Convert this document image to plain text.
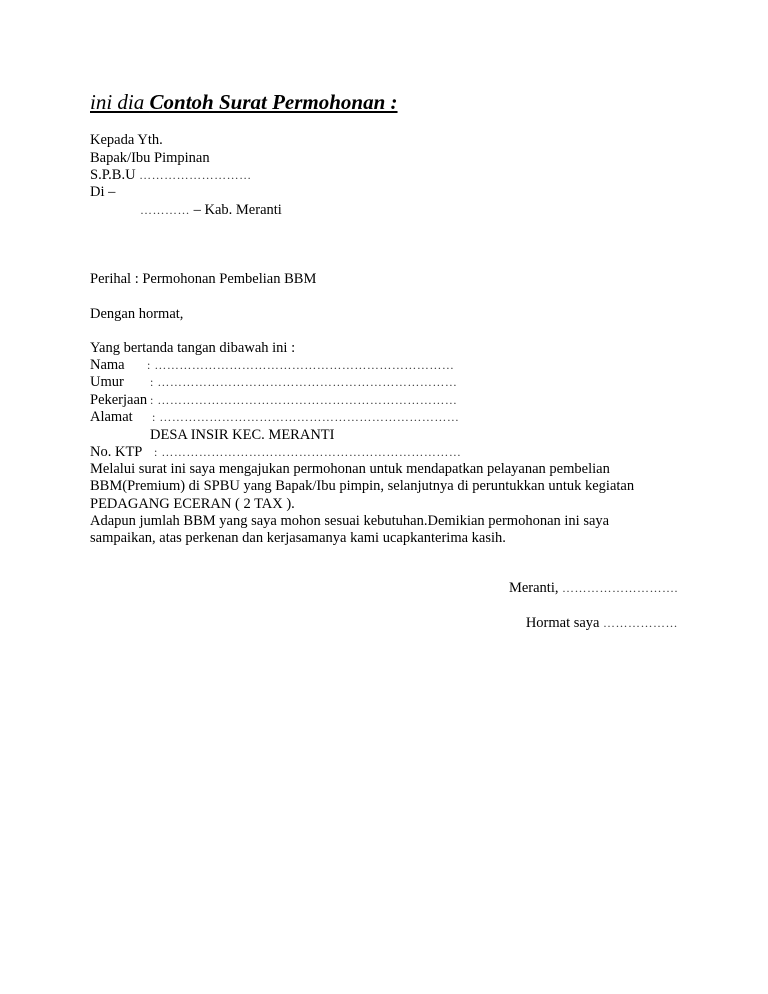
ini dia Contoh Surat Permohonan :
Kepada Yth.
Bapak/Ibu Pimpinan
S.P.B.U ………………………
Di –
………… – Kab. Meranti
Perihal : Permohonan Pembelian BBM
Dengan hormat,
Yang bertanda tangan dibawah ini :
Nama : ………………………………………………………………
Umur : ………………………………………………………………
Pekerjaan : ………………………………………………………………
Alamat : ………………………………………………………………
DESA INSIR KEC. MERANTI
No. KTP : ………………………………………………………………
Melalui surat ini saya mengajukan permohonan untuk mendapatkan pelayanan pembelian
BBM(Premium) di SPBU yang Bapak/Ibu pimpin, selanjutnya di peruntukkan untuk kegiatan
PEDAGANG ECERAN ( 2 TAX ).
Adapun jumlah BBM yang saya mohon sesuai kebutuhan.Demikian permohonan ini saya
sampaikan, atas perkenan dan kerjasamanya kami ucapkanterima kasih.
Meranti, ……………………….
Hormat saya ………………
